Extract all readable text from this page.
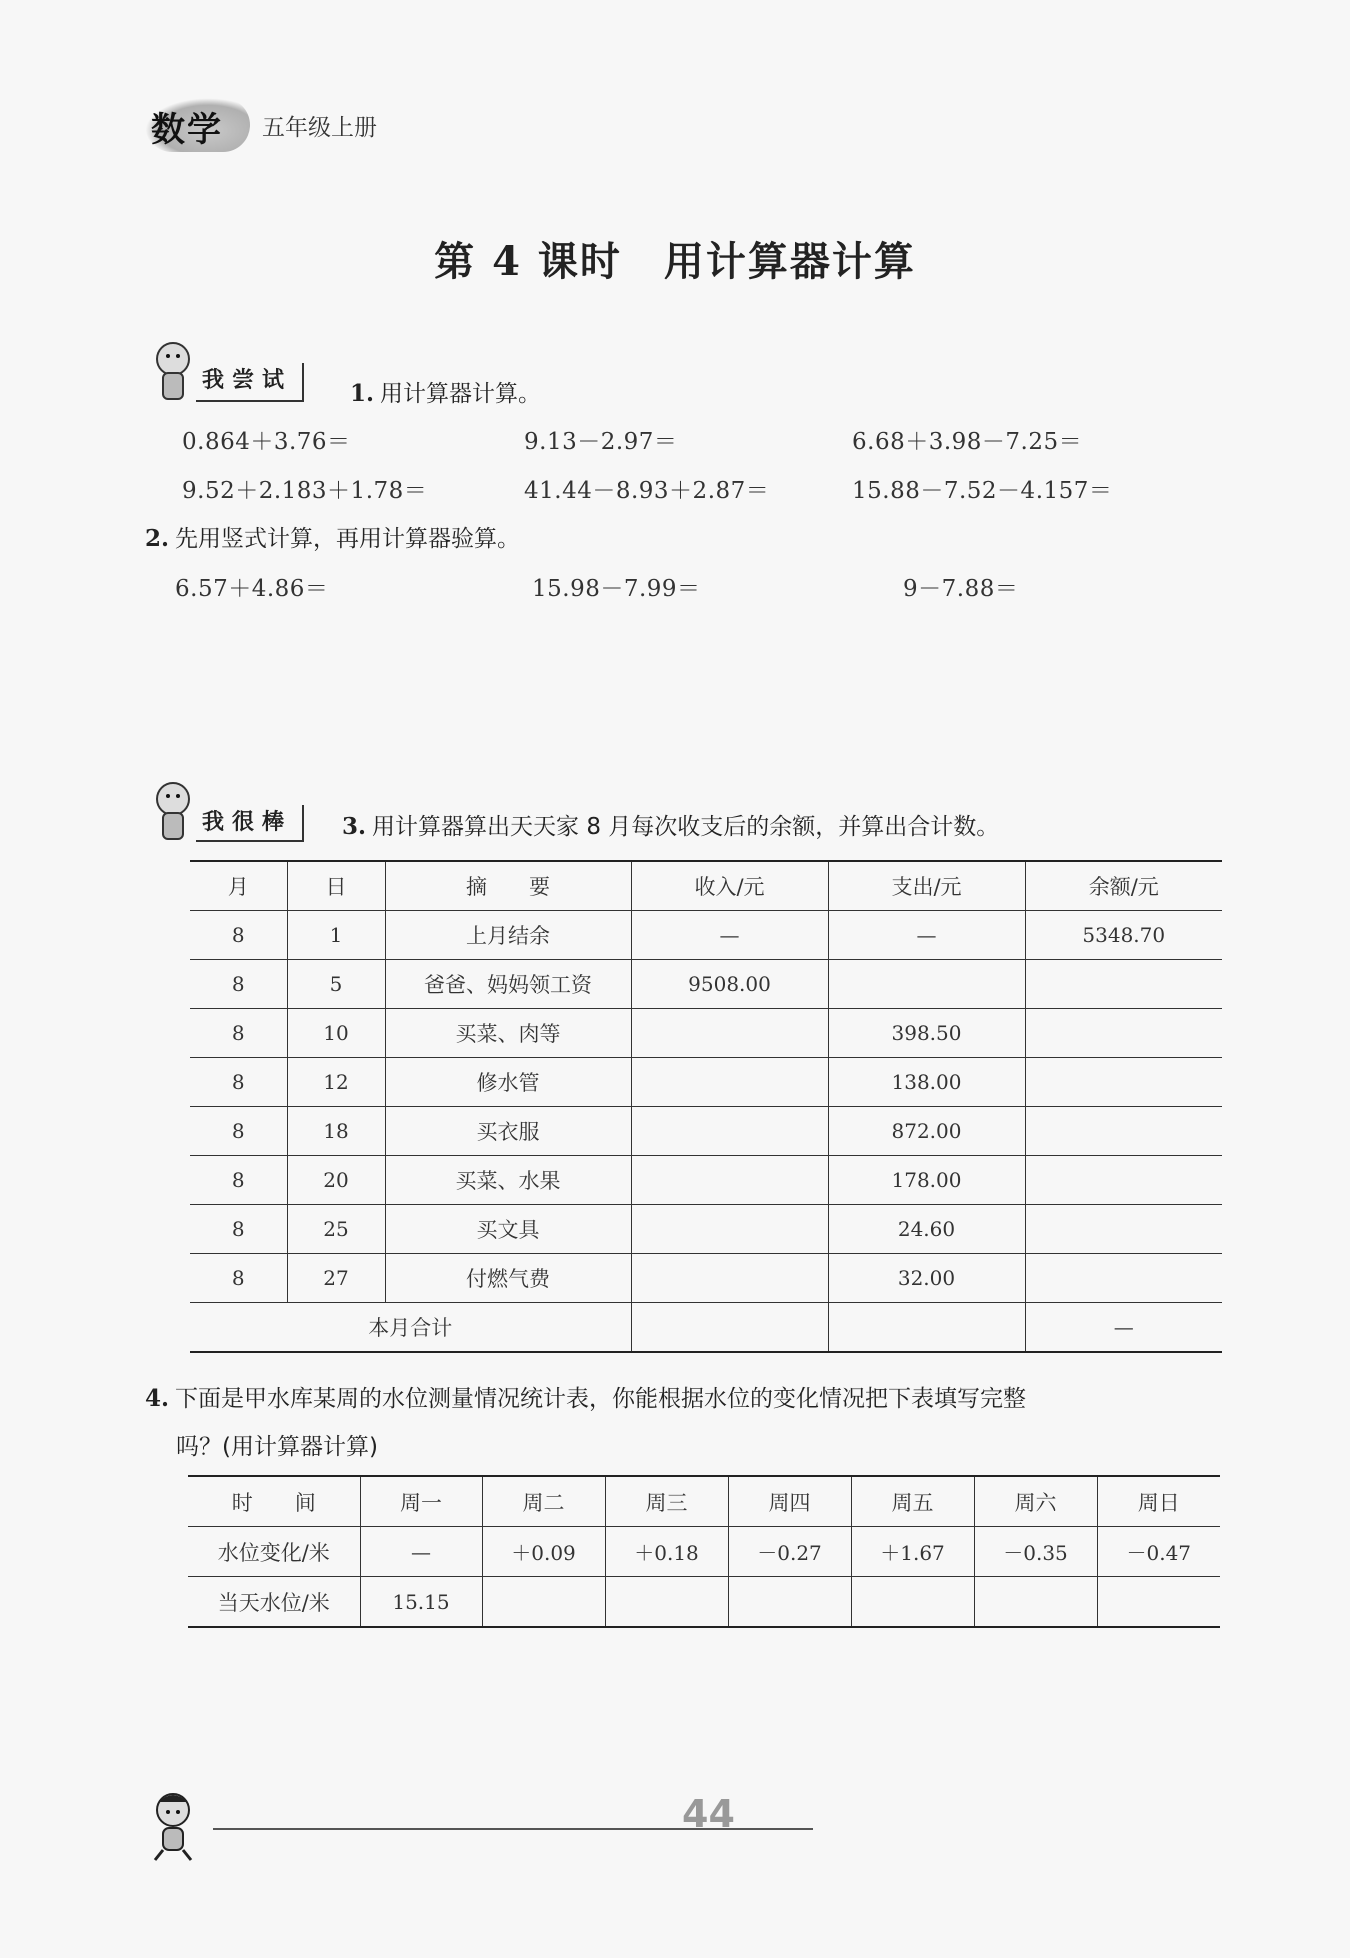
数学 五年级上册
第 4 课时　用计算器计算
我尝试	1. 用计算器计算。
0.864＋3.76＝	9.13－2.97＝	6.68＋3.98－7.25＝
9.52＋2.183＋1.78＝	41.44－8.93＋2.87＝	15.88－7.52－4.157＝
2. 先用竖式计算，再用计算器验算。
6.57＋4.86＝	15.98－7.99＝	9－7.88＝
我很棒	3. 用计算器算出天天家 8 月每次收支后的余额，并算出合计数。
月	日	摘　　要	收入/元	支出/元	余额/元
8	1	上月结余	—	—	5348.70
8	5	爸爸、妈妈领工资	9508.00		
8	10	买菜、肉等		398.50	
8	12	修水管		138.00	
8	18	买衣服		872.00	
8	20	买菜、水果		178.00	
8	25	买文具		24.60	
8	27	付燃气费		32.00	
本月合计					—
4. 下面是甲水库某周的水位测量情况统计表，你能根据水位的变化情况把下表填写完整
吗？(用计算器计算)
时　　间	周一	周二	周三	周四	周五	周六	周日
水位变化/米	—	＋0.09	＋0.18	－0.27	＋1.67	－0.35	－0.47
当天水位/米	15.15						
44
